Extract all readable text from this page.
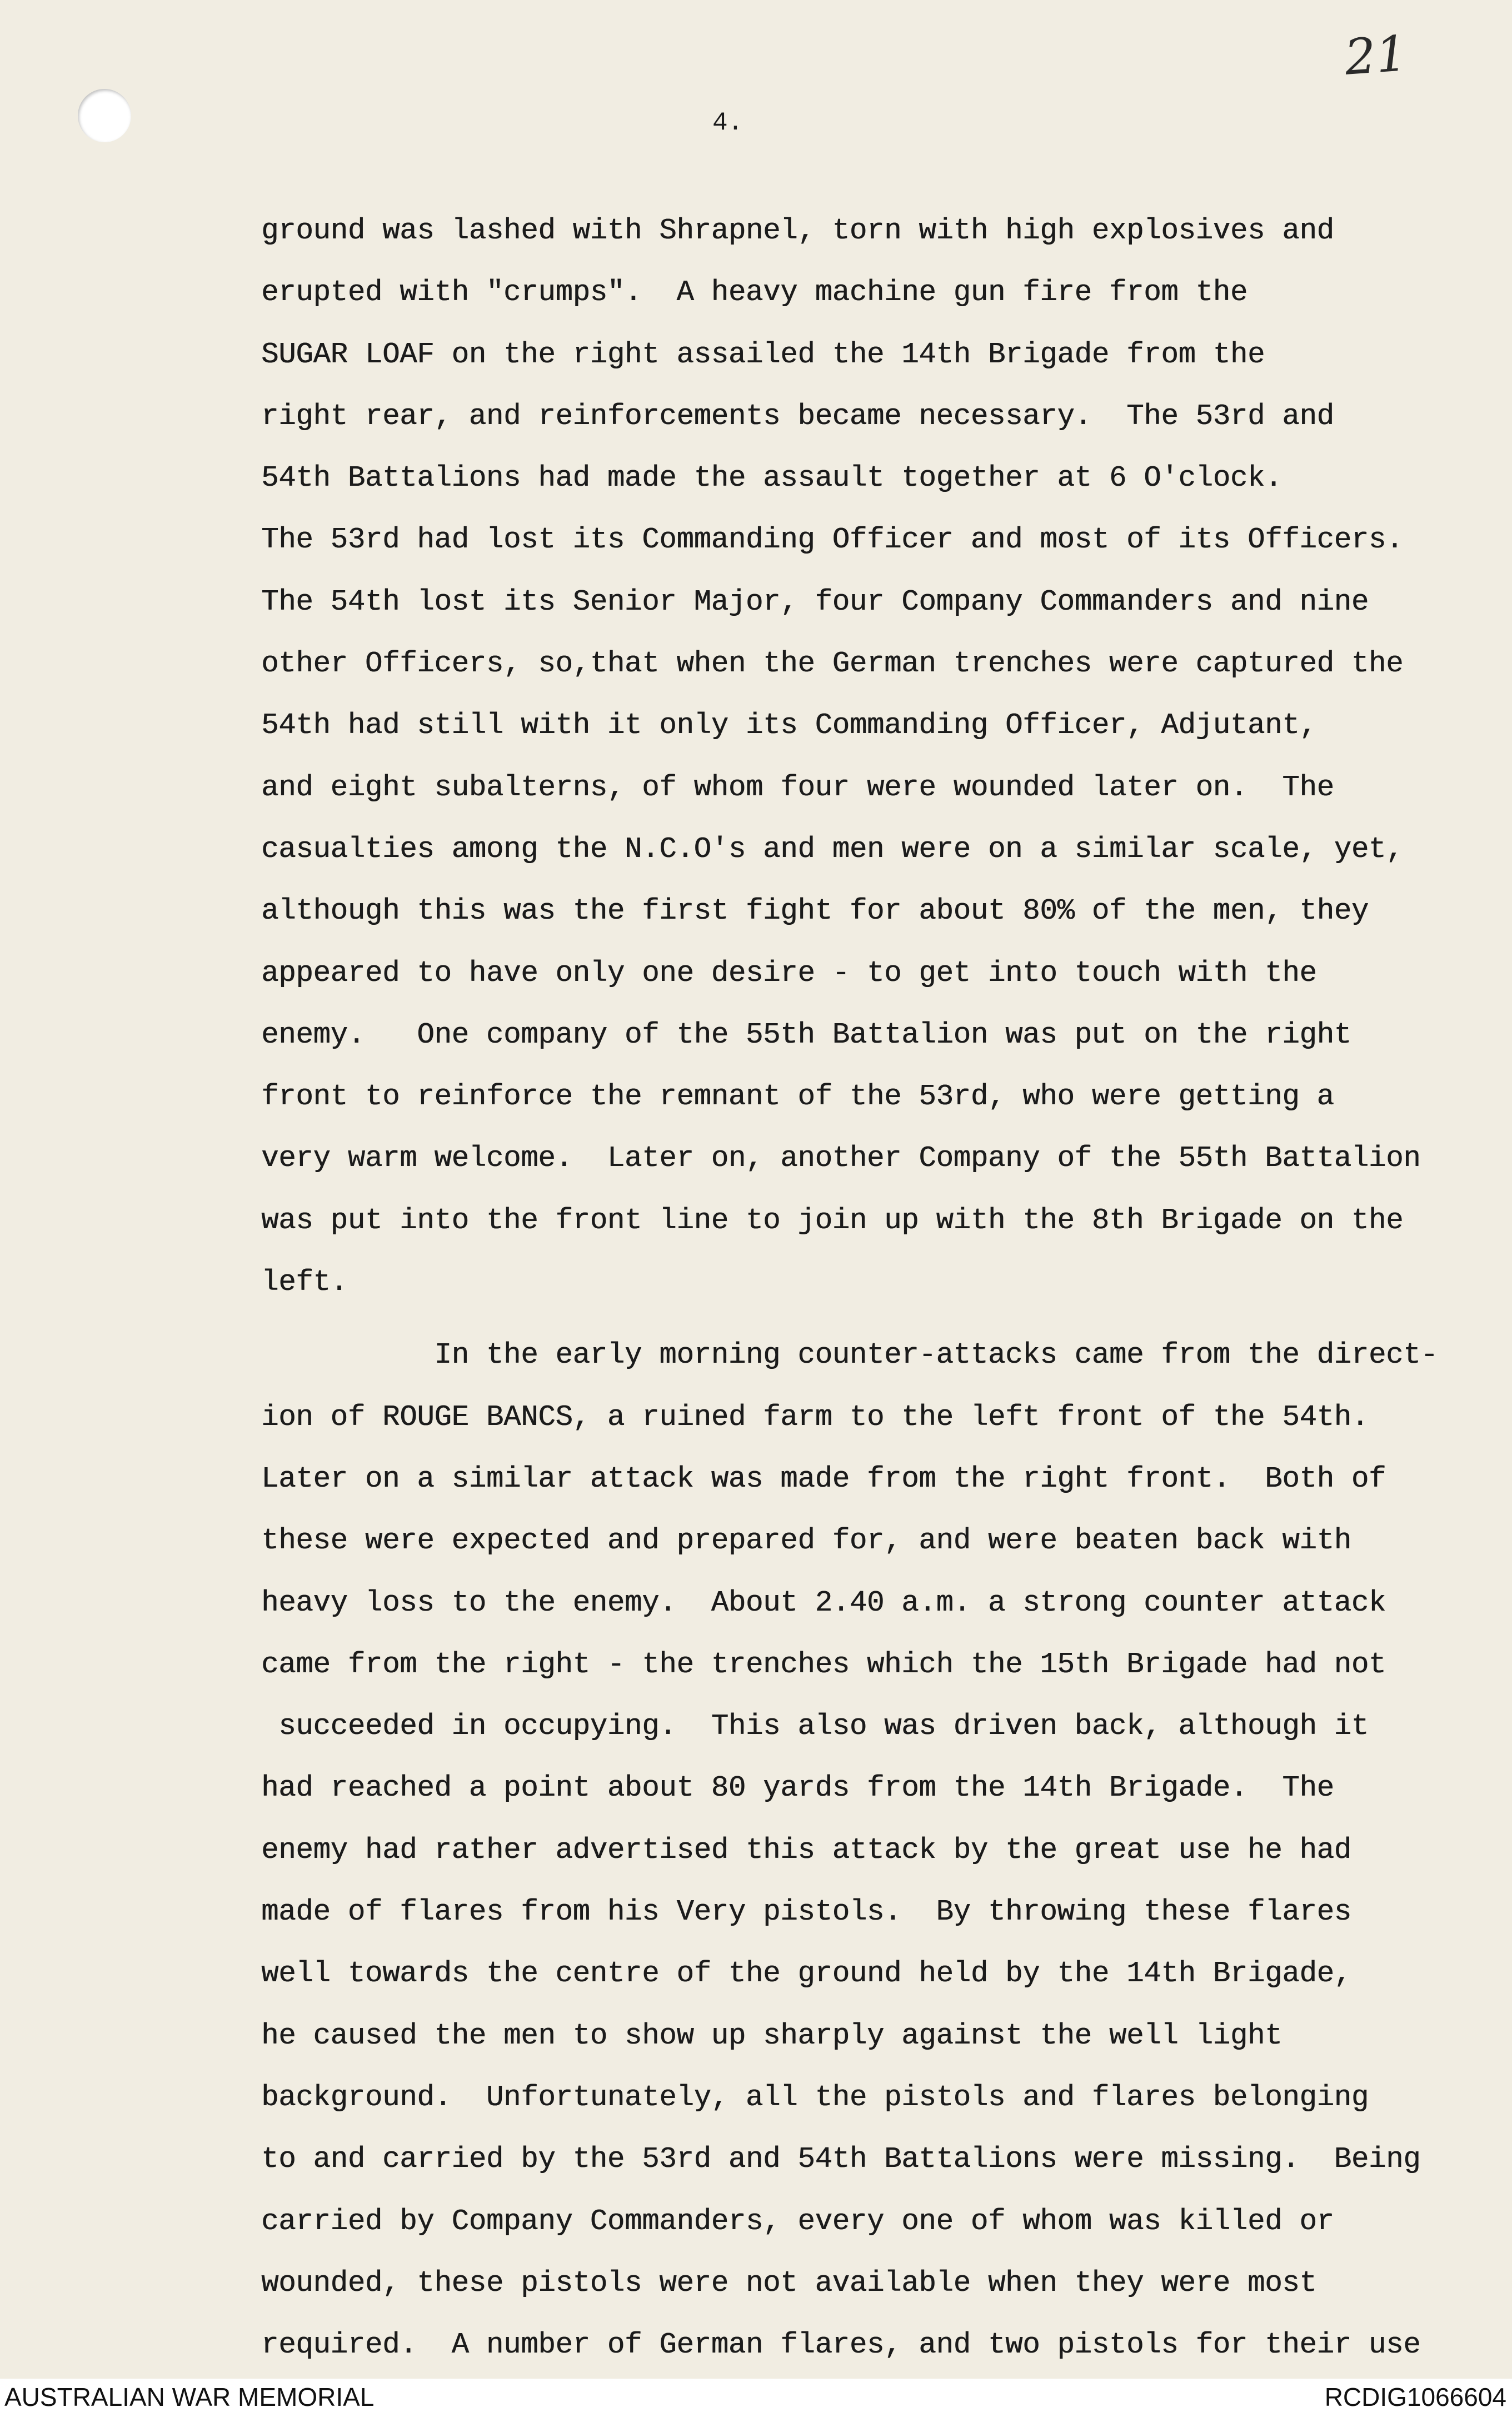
21
4.
ground was lashed with Shrapnel, torn with high explosives and
erupted with "crumps".  A heavy machine gun fire from the
SUGAR LOAF on the right assailed the 14th Brigade from the
right rear, and reinforcements became necessary.  The 53rd and
54th Battalions had made the assault together at 6 O'clock.
The 53rd had lost its Commanding Officer and most of its Officers.
The 54th lost its Senior Major, four Company Commanders and nine
other Officers, so,that when the German trenches were captured the
54th had still with it only its Commanding Officer, Adjutant,
and eight subalterns, of whom four were wounded later on.  The
casualties among the N.C.O's and men were on a similar scale, yet,
although this was the first fight for about 80% of the men, they
appeared to have only one desire - to get into touch with the
enemy.   One company of the 55th Battalion was put on the right
front to reinforce the remnant of the 53rd, who were getting a
very warm welcome.  Later on, another Company of the 55th Battalion
was put into the front line to join up with the 8th Brigade on the
left.
In the early morning counter-attacks came from the direct-
ion of ROUGE BANCS, a ruined farm to the left front of the 54th.
Later on a similar attack was made from the right front.  Both of
these were expected and prepared for, and were beaten back with
heavy loss to the enemy.  About 2.40 a.m. a strong counter attack
came from the right - the trenches which the 15th Brigade had not
succeeded in occupying.  This also was driven back, although it
had reached a point about 80 yards from the 14th Brigade.  The
enemy had rather advertised this attack by the great use he had
made of flares from his Very pistols.  By throwing these flares
well towards the centre of the ground held by the 14th Brigade,
he caused the men to show up sharply against the well light
background.  Unfortunately, all the pistols and flares belonging
to and carried by the 53rd and 54th Battalions were missing.  Being
carried by Company Commanders, every one of whom was killed or
wounded, these pistols were not available when they were most
required.  A number of German flares, and two pistols for their use
AUSTRALIAN WAR MEMORIAL	RCDIG1066604
